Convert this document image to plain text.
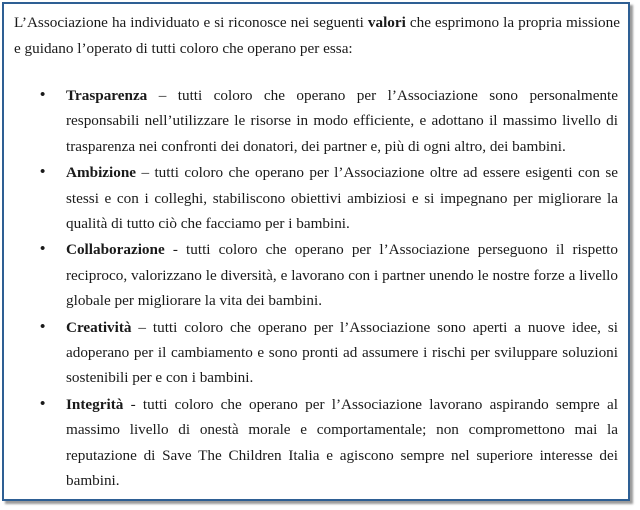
L’Associazione ha individuato e si riconosce nei seguenti valori che esprimono la propria missione e guidano l’operato di tutti coloro che operano per essa:

• Trasparenza – tutti coloro che operano per l’Associazione sono personalmente responsabili nell’utilizzare le risorse in modo efficiente, e adottano il massimo livello di trasparenza nei confronti dei donatori, dei partner e, più di ogni altro, dei bambini.
• Ambizione – tutti coloro che operano per l’Associazione oltre ad essere esigenti con se stessi e con i colleghi, stabiliscono obiettivi ambiziosi e si impegnano per migliorare la qualità di tutto ciò che facciamo per i bambini.
• Collaborazione - tutti coloro che operano per l’Associazione perseguono il rispetto reciproco, valorizzano le diversità, e lavorano con i partner unendo le nostre forze a livello globale per migliorare la vita dei bambini.
• Creatività – tutti coloro che operano per l’Associazione sono aperti a nuove idee, si adoperano per il cambiamento e sono pronti ad assumere i rischi per sviluppare soluzioni sostenibili per e con i bambini.
• Integrità - tutti coloro che operano per l’Associazione lavorano aspirando sempre al massimo livello di onestà morale e comportamentale; non compromettono mai la reputazione di Save The Children Italia e agiscono sempre nel superiore interesse dei bambini.
